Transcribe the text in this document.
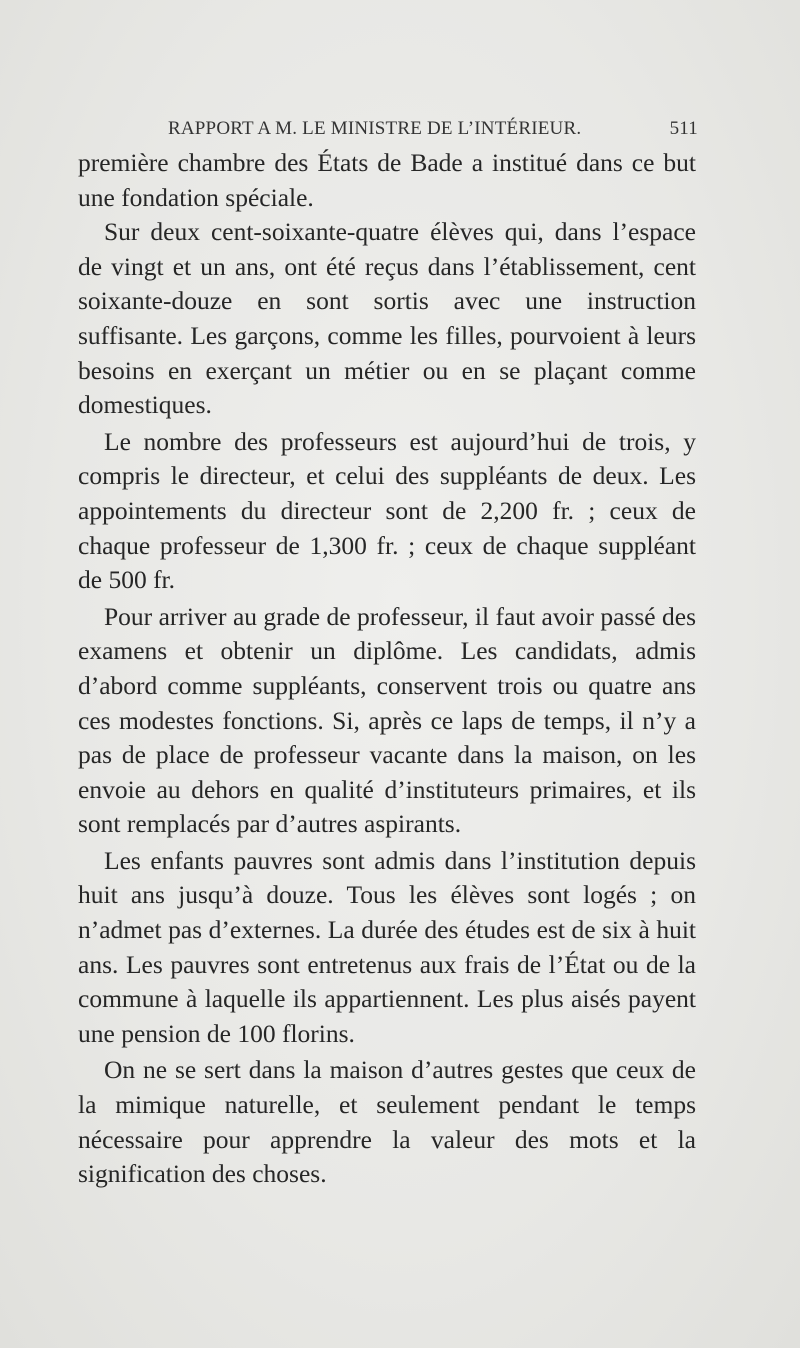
RAPPORT A M. LE MINISTRE DE L’INTÉRIEUR.	511

première chambre des États de Bade a institué dans ce but une fondation spéciale.

Sur deux cent-soixante-quatre élèves qui, dans l’espace de vingt et un ans, ont été reçus dans l’établissement, cent soixante-douze en sont sortis avec une instruction suffisante. Les garçons, comme les filles, pourvoient à leurs besoins en exerçant un métier ou en se plaçant comme domestiques.

Le nombre des professeurs est aujourd’hui de trois, y compris le directeur, et celui des suppléants de deux. Les appointements du directeur sont de 2,200 fr. ; ceux de chaque professeur de 1,300 fr. ; ceux de chaque suppléant de 500 fr.

Pour arriver au grade de professeur, il faut avoir passé des examens et obtenir un diplôme. Les candidats, admis d’abord comme suppléants, conservent trois ou quatre ans ces modestes fonctions. Si, après ce laps de temps, il n’y a pas de place de professeur vacante dans la maison, on les envoie au dehors en qualité d’instituteurs primaires, et ils sont remplacés par d’autres aspirants.

Les enfants pauvres sont admis dans l’institution depuis huit ans jusqu’à douze. Tous les élèves sont logés ; on n’admet pas d’externes. La durée des études est de six à huit ans. Les pauvres sont entretenus aux frais de l’État ou de la commune à laquelle ils appartiennent. Les plus aisés payent une pension de 100 florins.

On ne se sert dans la maison d’autres gestes que ceux de la mimique naturelle, et seulement pendant le temps nécessaire pour apprendre la valeur des mots et la signification des choses.
